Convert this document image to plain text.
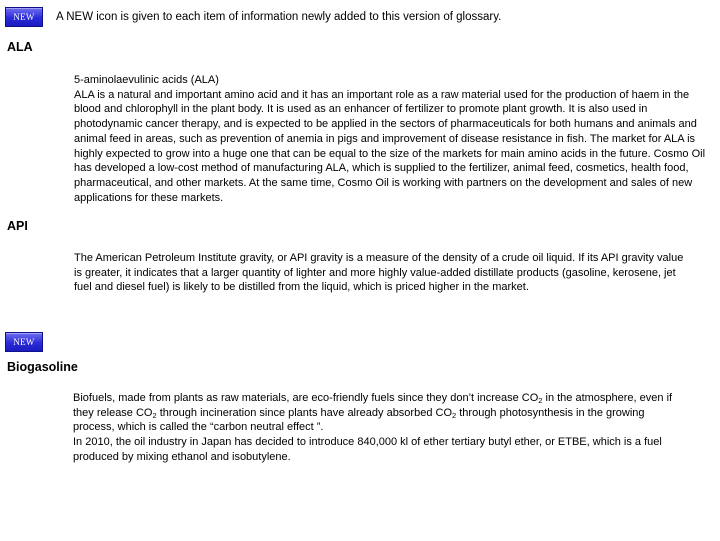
NEW	A NEW icon is given to each item of information newly added to this version of glossary.
ALA

5-aminolaevulinic acids (ALA)

ALA is a natural and important amino acid and it has an important role as a raw material used for the production of haem in the blood and chlorophyll in the plant body. It is used as an enhancer of fertilizer to promote plant growth. It is also used in photodynamic cancer therapy, and is expected to be applied in the sectors of pharmaceuticals for both humans and animals and animal feed in areas, such as prevention of anemia in pigs and improvement of disease resistance in fish. The market for ALA is highly expected to grow into a huge one that can be equal to the size of the markets for main amino acids in the future. Cosmo Oil has developed a low-cost method of manufacturing ALA, which is supplied to the fertilizer, animal feed, cosmetics, health food, pharmaceutical, and other markets. At the same time, Cosmo Oil is working with partners on the development and sales of new applications for these markets.

API

The American Petroleum Institute gravity, or API gravity is a measure of the density of a crude oil liquid. If its API gravity value is greater, it indicates that a larger quantity of lighter and more highly value-added distillate products (gasoline, kerosene, jet fuel and diesel fuel) is likely to be distilled from the liquid, which is priced higher in the market.

NEW
Biogasoline

Biofuels, made from plants as raw materials, are eco-friendly fuels since they don’t increase $CO_2$ in the atmosphere, even if they release $CO_2$ through incineration since plants have already absorbed $CO_2$ through photosynthesis in the growing process, which is called the “carbon neutral effect ”.

In 2010, the oil industry in Japan has decided to introduce 840,000 kl of ether tertiary butyl ether, or ETBE, which is a fuel produced by mixing ethanol and isobutylene.
